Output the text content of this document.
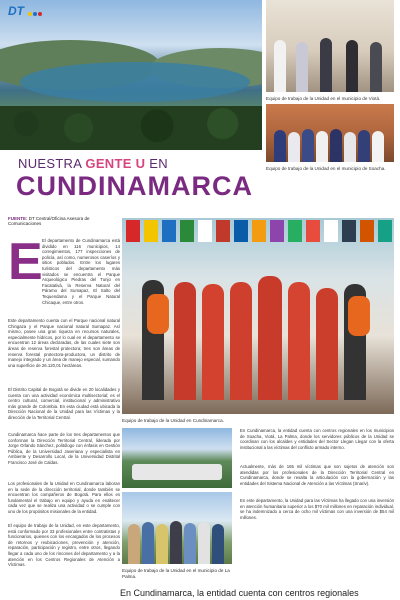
DT
Equipo de trabajo de la Unidad en el municipio de Viotá.
Equipo de trabajo de la Unidad en el municipio de Soacha.
NUESTRA GENTE U EN
CUNDINAMARCA
FUENTE: DT Central/Oficina Asesora de Comunicaciones
E El departamento de Cundinamarca está dividido en 116 municipios, 14 corregimientos, 177 inspecciones de policía, así como, numerosos caseríos y sitios poblados. Entre los lugares turísticos del departamento más visitados se encuentra el Parque Arqueológico Piedras del Tunjo en Facatativá, la Reserva Natural del Páramo del Sumapaz, El Salto del Tequendama y el Parque Natural Chicaque, entre otros.
Este departamento cuenta con el Parque nacional natural Chingaza y el Parque nacional natural Sumapaz. Así mismo, posee una gran riqueza en recursos naturales, especialmente hídricos, por lo cual en el departamento se encuentran 12 áreas declaradas, de las cuales siete son áreas de reserva forestal protectora; tres son áreas de reserva forestal protectora-productora, un distrito de manejo integrado y un área de manejo especial, sumando una superficie de 26.120,01 hectáreas.
El Distrito Capital de Bogotá se divide en 20 localidades y cuenta con una actividad económica multisectorial; es el centro cultural, comercial, institucional y administrativo más grande de Colombia. En esta ciudad está ubicada la Dirección Nacional de la Unidad para las Víctimas y la dirección de la Territorial Central.
Cundinamarca hace parte de los tres departamentos que conforman la Dirección Territorial Central, liderada por Jorge Orlando Sánchez, politólogo con énfasis en Gestión Pública, de la Universidad Javeriana y especialista en Ambiente y Desarrollo Local, de la Universidad Distrital Francisco José de Caldas.
Los profesionales de la Unidad en Cundinamarca laboran en la sede de la dirección territorial, donde también se encuentran los compañeros de Bogotá. Para ellos es fundamental el trabajo en equipo y ayuda en enaltecer cada vez que se realiza una actividad o se cumple con uno de los propósitos misionales de la entidad.
El equipo de trabajo de la Unidad, en este departamento, está conformado por 33 profesionales entre contratistas y funcionarios, quienes con los encargados de los procesos de retornos y reubicaciones, prevención y atención, reparación, participación y registro, entre otros, llegando llegar a cada uno de los rincones del departamento y a la atención en los Centros Regionales de Atención a Víctimas.
Equipo de trabajo de la Unidad en Cundinamarca.
Equipo de trabajo de la Unidad en el municipio de La Palma.
En Cundinamarca, la entidad cuenta con centros regionales en los municipios de Soacha, Viotá, La Palma, donde los servidores públicos de la Unidad se coordinan con los alcaldes y entidades del Sector Llegan Llegar con la oferta institucional a las víctimas del conflicto armado interno.
Actualmente, más de 165 mil víctimas que son sujetos de atención son atendidas por los profesionales de la Dirección Territorial Central en Cundinamarca, donde se resalta la articulación con la gobernación y las entidades del Sistema Nacional de Atención a las Víctimas (Snariv).
En este departamento, la Unidad para las Víctimas ha llegado con una inversión en atención humanitaria superior a los $70 mil millones en reparación individual, se ha indemnizado a cerca de ocho mil víctimas con una inversión de $54 mil millones.
En Cundinamarca, la entidad cuenta con centros regionales
